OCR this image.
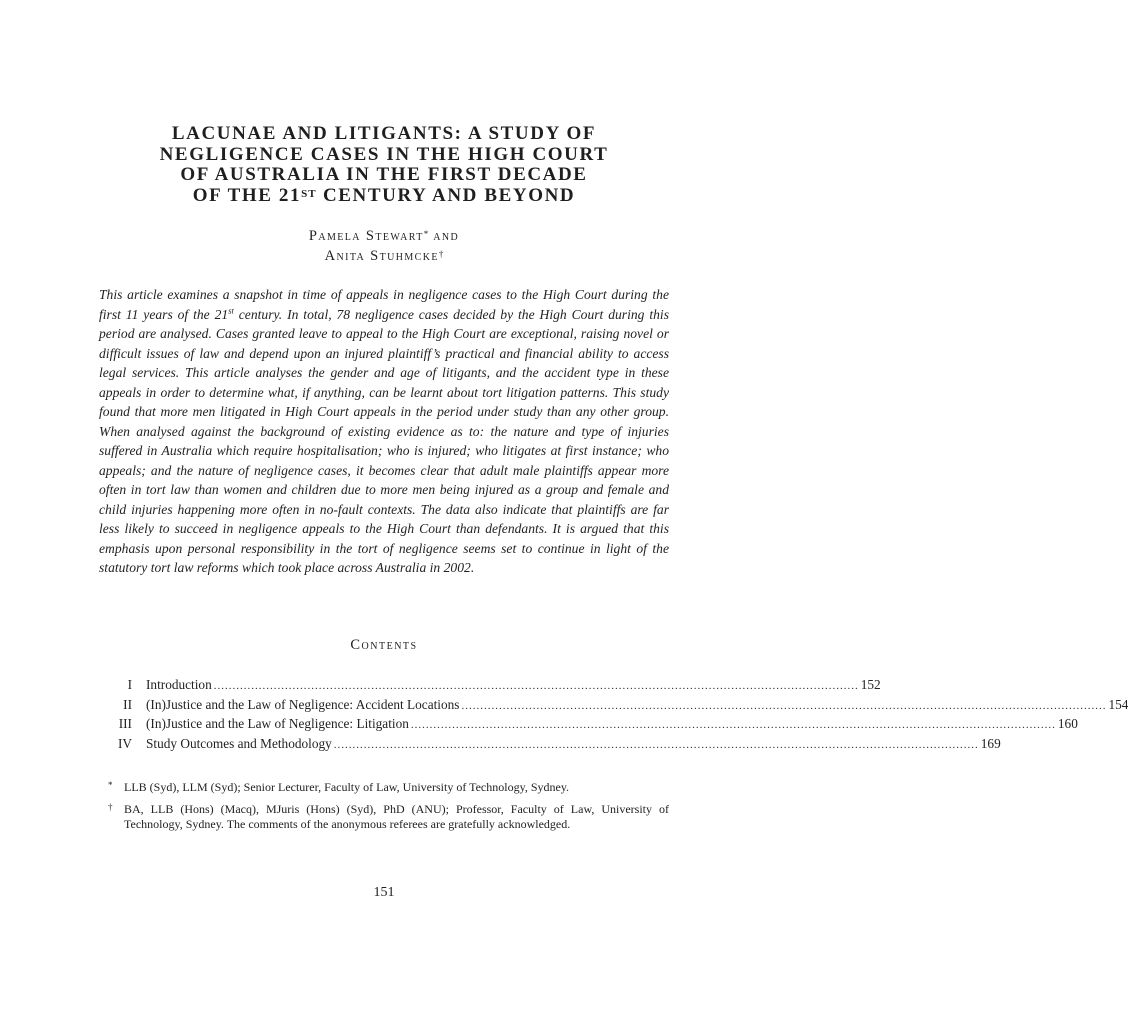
LACUNAE AND LITIGANTS: A STUDY OF
NEGLIGENCE CASES IN THE HIGH COURT
OF AUSTRALIA IN THE FIRST DECADE
OF THE 21ST CENTURY AND BEYOND
Pamela Stewart* and
Anita Stuhmcke†
This article examines a snapshot in time of appeals in negligence cases to the High Court during the first 11 years of the 21st century. In total, 78 negligence cases decided by the High Court during this period are analysed. Cases granted leave to appeal to the High Court are exceptional, raising novel or difficult issues of law and depend upon an injured plaintiff’s practical and financial ability to access legal services. This article analyses the gender and age of litigants, and the accident type in these appeals in order to determine what, if anything, can be learnt about tort litigation patterns. This study found that more men litigated in High Court appeals in the period under study than any other group. When analysed against the background of existing evidence as to: the nature and type of injuries suffered in Australia which require hospitalisation; who is injured; who litigates at first instance; who appeals; and the nature of negligence cases, it becomes clear that adult male plaintiffs appear more often in tort law than women and children due to more men being injured as a group and female and child injuries happening more often in no-fault contexts. The data also indicate that plaintiffs are far less likely to succeed in negligence appeals to the High Court than defendants. It is argued that this emphasis upon personal responsibility in the tort of negligence seems set to continue in light of the statutory tort law reforms which took place across Australia in 2002.
Contents
I Introduction ............................................................................................................................................................................ 152
II (In)Justice and the Law of Negligence: Accident Locations ............................................................................................................................................................................ 154
III (In)Justice and the Law of Negligence: Litigation ............................................................................................................................................................................ 160
IV Study Outcomes and Methodology ............................................................................................................................................................................ 169
* LLB (Syd), LLM (Syd); Senior Lecturer, Faculty of Law, University of Technology, Sydney.
† BA, LLB (Hons) (Macq), MJuris (Hons) (Syd), PhD (ANU); Professor, Faculty of Law, University of Technology, Sydney. The comments of the anonymous referees are gratefully acknowledged.
151
